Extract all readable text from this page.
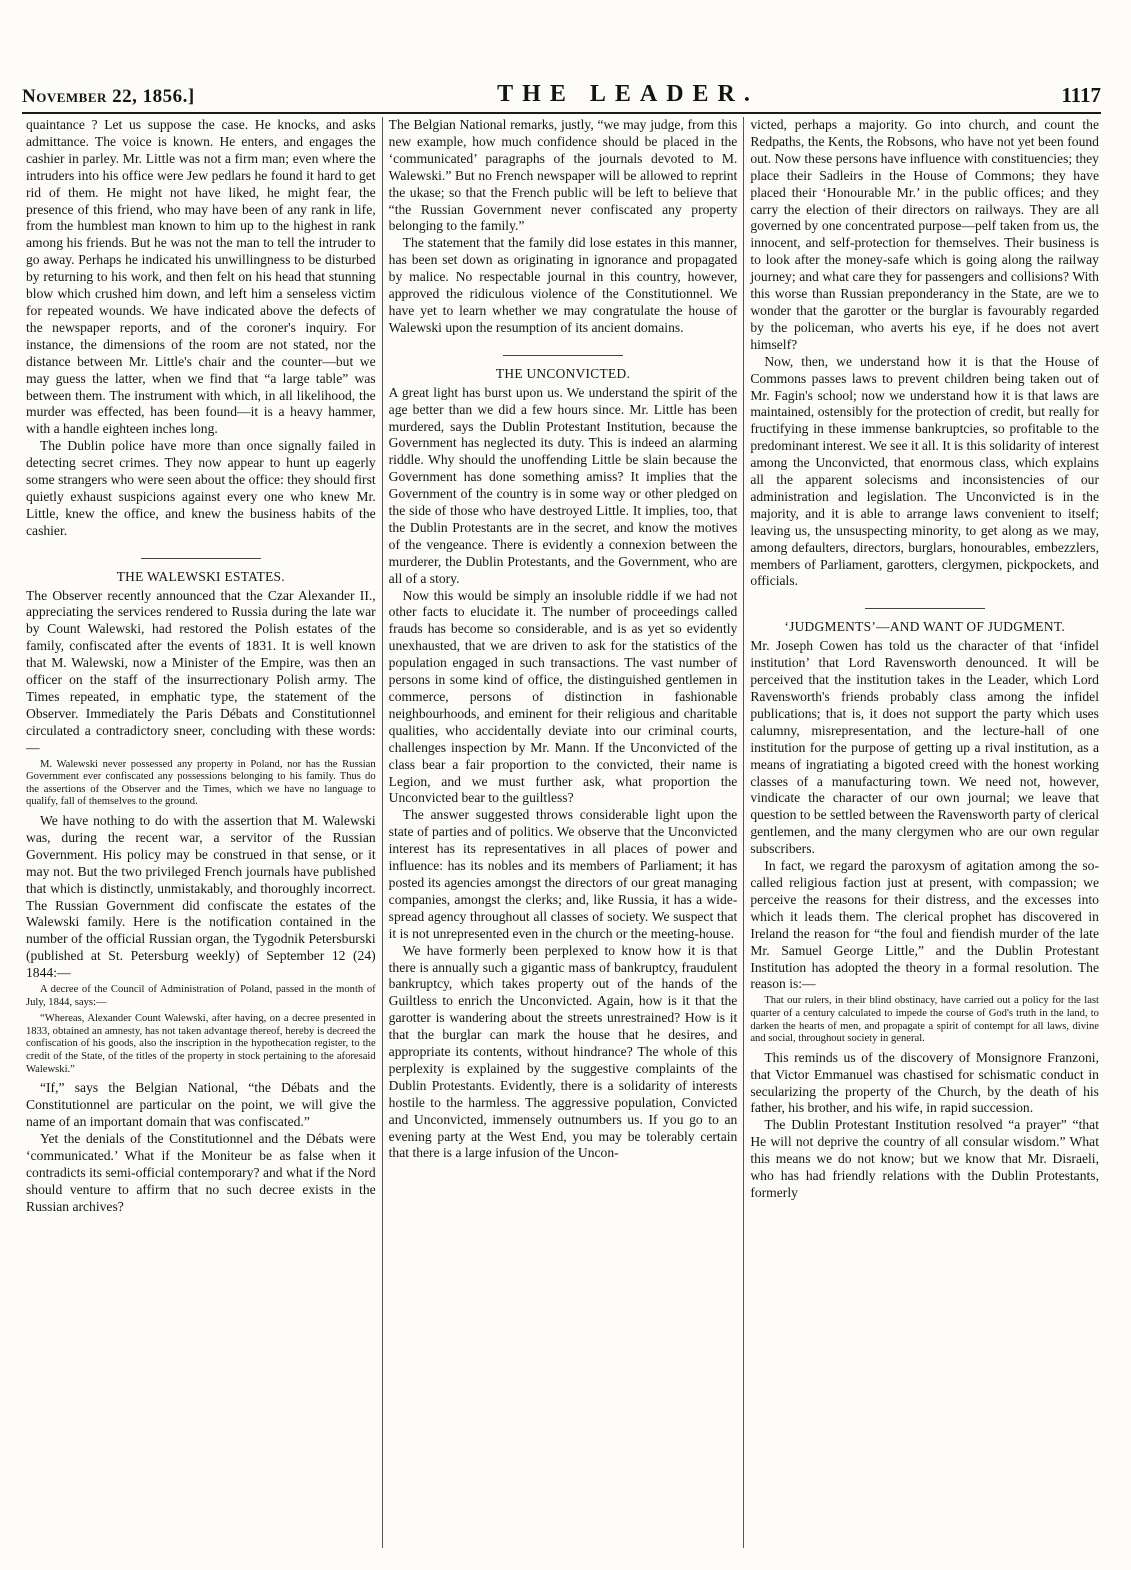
November 22, 1856.]	THE LEADER.	1117

quaintance ? Let us suppose the case. He knocks, and asks admittance. The voice is known. He enters, and engages the cashier in parley. Mr. Little was not a firm man; even where the intruders into his office were Jew pedlars he found it hard to get rid of them. He might not have liked, he might fear, the presence of this friend, who may have been of any rank in life, from the humblest man known to him up to the highest in rank among his friends. But he was not the man to tell the intruder to go away. Perhaps he indicated his unwillingness to be disturbed by returning to his work, and then felt on his head that stunning blow which crushed him down, and left him a senseless victim for repeated wounds. We have indicated above the defects of the newspaper reports, and of the coroner's inquiry. For instance, the dimensions of the room are not stated, nor the distance between Mr. Little's chair and the counter—but we may guess the latter, when we find that “a large table” was between them. The instrument with which, in all likelihood, the murder was effected, has been found—it is a heavy hammer, with a handle eighteen inches long.

The Dublin police have more than once signally failed in detecting secret crimes. They now appear to hunt up eagerly some strangers who were seen about the office: they should first quietly exhaust suspicions against every one who knew Mr. Little, knew the office, and knew the business habits of the cashier.

THE WALEWSKI ESTATES.

The Observer recently announced that the Czar Alexander II., appreciating the services rendered to Russia during the late war by Count Walewski, had restored the Polish estates of the family, confiscated after the events of 1831. It is well known that M. Walewski, now a Minister of the Empire, was then an officer on the staff of the insurrectionary Polish army. The Times repeated, in emphatic type, the statement of the Observer. Immediately the Paris Débats and Constitutionnel circulated a contradictory sneer, concluding with these words:—

M. Walewski never possessed any property in Poland, nor has the Russian Government ever confiscated any possessions belonging to his family. Thus do the assertions of the Observer and the Times, which we have no language to qualify, fall of themselves to the ground.

We have nothing to do with the assertion that M. Walewski was, during the recent war, a servitor of the Russian Government. His policy may be construed in that sense, or it may not. But the two privileged French journals have published that which is distinctly, unmistakably, and thoroughly incorrect. The Russian Government did confiscate the estates of the Walewski family. Here is the notification contained in the number of the official Russian organ, the Tygodnik Petersburski (published at St. Petersburg weekly) of September 12 (24) 1844:—

A decree of the Council of Administration of Poland, passed in the month of July, 1844, says:—

“Whereas, Alexander Count Walewski, after having, on a decree presented in 1833, obtained an amnesty, has not taken advantage thereof, hereby is decreed the confiscation of his goods, also the inscription in the hypothecation register, to the credit of the State, of the titles of the property in stock pertaining to the aforesaid Walewski.”

“If,” says the Belgian National, “the Débats and the Constitutionnel are particular on the point, we will give the name of an important domain that was confiscated.”

Yet the denials of the Constitutionnel and the Débats were ‘communicated.’ What if the Moniteur be as false when it contradicts its semi-official contemporary? and what if the Nord should venture to affirm that no such decree exists in the Russian archives?

The Belgian National remarks, justly, “we may judge, from this new example, how much confidence should be placed in the ‘communicated’ paragraphs of the journals devoted to M. Walewski.” But no French newspaper will be allowed to reprint the ukase; so that the French public will be left to believe that “the Russian Government never confiscated any property belonging to the family.”

The statement that the family did lose estates in this manner, has been set down as originating in ignorance and propagated by malice. No respectable journal in this country, however, approved the ridiculous violence of the Constitutionnel. We have yet to learn whether we may congratulate the house of Walewski upon the resumption of its ancient domains.

THE UNCONVICTED.

A great light has burst upon us. We understand the spirit of the age better than we did a few hours since. Mr. Little has been murdered, says the Dublin Protestant Institution, because the Government has neglected its duty. This is indeed an alarming riddle. Why should the unoffending Little be slain because the Government has done something amiss? It implies that the Government of the country is in some way or other pledged on the side of those who have destroyed Little. It implies, too, that the Dublin Protestants are in the secret, and know the motives of the vengeance. There is evidently a connexion between the murderer, the Dublin Protestants, and the Government, who are all of a story.

Now this would be simply an insoluble riddle if we had not other facts to elucidate it. The number of proceedings called frauds has become so considerable, and is as yet so evidently unexhausted, that we are driven to ask for the statistics of the population engaged in such transactions. The vast number of persons in some kind of office, the distinguished gentlemen in commerce, persons of distinction in fashionable neighbourhoods, and eminent for their religious and charitable qualities, who accidentally deviate into our criminal courts, challenges inspection by Mr. Mann. If the Unconvicted of the class bear a fair proportion to the convicted, their name is Legion, and we must further ask, what proportion the Unconvicted bear to the guiltless?

The answer suggested throws considerable light upon the state of parties and of politics. We observe that the Unconvicted interest has its representatives in all places of power and influence: has its nobles and its members of Parliament; it has posted its agencies amongst the directors of our great managing companies, amongst the clerks; and, like Russia, it has a wide-spread agency throughout all classes of society. We suspect that it is not unrepresented even in the church or the meeting-house.

We have formerly been perplexed to know how it is that there is annually such a gigantic mass of bankruptcy, fraudulent bankruptcy, which takes property out of the hands of the Guiltless to enrich the Unconvicted. Again, how is it that the garotter is wandering about the streets unrestrained? How is it that the burglar can mark the house that he desires, and appropriate its contents, without hindrance? The whole of this perplexity is explained by the suggestive complaints of the Dublin Protestants. Evidently, there is a solidarity of interests hostile to the harmless. The aggressive population, Convicted and Unconvicted, immensely outnumbers us. If you go to an evening party at the West End, you may be tolerably certain that there is a large infusion of the Uncon-

victed, perhaps a majority. Go into church, and count the Redpaths, the Kents, the Robsons, who have not yet been found out. Now these persons have influence with constituencies; they place their Sadleirs in the House of Commons; they have placed their ‘Honourable Mr.’ in the public offices; and they carry the election of their directors on railways. They are all governed by one concentrated purpose—pelf taken from us, the innocent, and self-protection for themselves. Their business is to look after the money-safe which is going along the railway journey; and what care they for passengers and collisions? With this worse than Russian preponderancy in the State, are we to wonder that the garotter or the burglar is favourably regarded by the policeman, who averts his eye, if he does not avert himself?

Now, then, we understand how it is that the House of Commons passes laws to prevent children being taken out of Mr. Fagin's school; now we understand how it is that laws are maintained, ostensibly for the protection of credit, but really for fructifying in these immense bankruptcies, so profitable to the predominant interest. We see it all. It is this solidarity of interest among the Unconvicted, that enormous class, which explains all the apparent solecisms and inconsistencies of our administration and legislation. The Unconvicted is in the majority, and it is able to arrange laws convenient to itself; leaving us, the unsuspecting minority, to get along as we may, among defaulters, directors, burglars, honourables, embezzlers, members of Parliament, garotters, clergymen, pickpockets, and officials.

‘JUDGMENTS’—AND WANT OF JUDGMENT.

Mr. Joseph Cowen has told us the character of that ‘infidel institution’ that Lord Ravensworth denounced. It will be perceived that the institution takes in the Leader, which Lord Ravensworth's friends probably class among the infidel publications; that is, it does not support the party which uses calumny, misrepresentation, and the lecture-hall of one institution for the purpose of getting up a rival institution, as a means of ingratiating a bigoted creed with the honest working classes of a manufacturing town. We need not, however, vindicate the character of our own journal; we leave that question to be settled between the Ravensworth party of clerical gentlemen, and the many clergymen who are our own regular subscribers.

In fact, we regard the paroxysm of agitation among the so-called religious faction just at present, with compassion; we perceive the reasons for their distress, and the excesses into which it leads them. The clerical prophet has discovered in Ireland the reason for “the foul and fiendish murder of the late Mr. Samuel George Little,” and the Dublin Protestant Institution has adopted the theory in a formal resolution. The reason is:—

That our rulers, in their blind obstinacy, have carried out a policy for the last quarter of a century calculated to impede the course of God's truth in the land, to darken the hearts of men, and propagate a spirit of contempt for all laws, divine and social, throughout society in general.

This reminds us of the discovery of Monsignore Franzoni, that Victor Emmanuel was chastised for schismatic conduct in secularizing the property of the Church, by the death of his father, his brother, and his wife, in rapid succession.

The Dublin Protestant Institution resolved “a prayer” “that He will not deprive the country of all consular wisdom.” What this means we do not know; but we know that Mr. Disraeli, who has had friendly relations with the Dublin Protestants, formerly
